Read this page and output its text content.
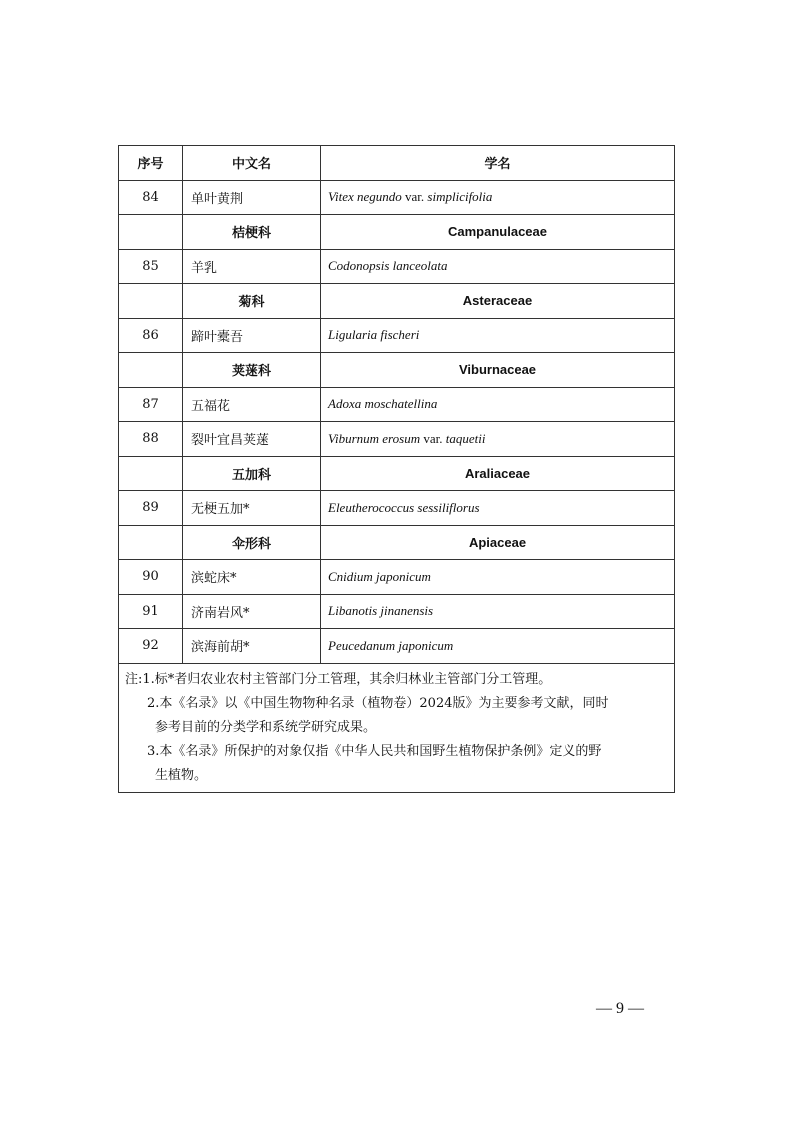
序号	中文名	学名
84	单叶黄荆	Vitex negundo var. simplicifolia
	桔梗科	Campanulaceae
85	羊乳	Codonopsis lanceolata
	菊科	Asteraceae
86	蹄叶橐吾	Ligularia fischeri
	荚蒾科	Viburnaceae
87	五福花	Adoxa moschatellina
88	裂叶宜昌荚蒾	Viburnum erosum var. taquetii
	五加科	Araliaceae
89	无梗五加*	Eleutherococcus sessiliflorus
	伞形科	Apiaceae
90	滨蛇床*	Cnidium japonicum
91	济南岩风*	Libanotis jinanensis
92	滨海前胡*	Peucedanum japonicum

注:1.标*者归农业农村主管部门分工管理，其余归林业主管部门分工管理。
2.本《名录》以《中国生物物种名录（植物卷）2024版》为主要参考文献，同时
参考目前的分类学和系统学研究成果。
3.本《名录》所保护的对象仅指《中华人民共和国野生植物保护条例》定义的野
生植物。		
— 9 —
